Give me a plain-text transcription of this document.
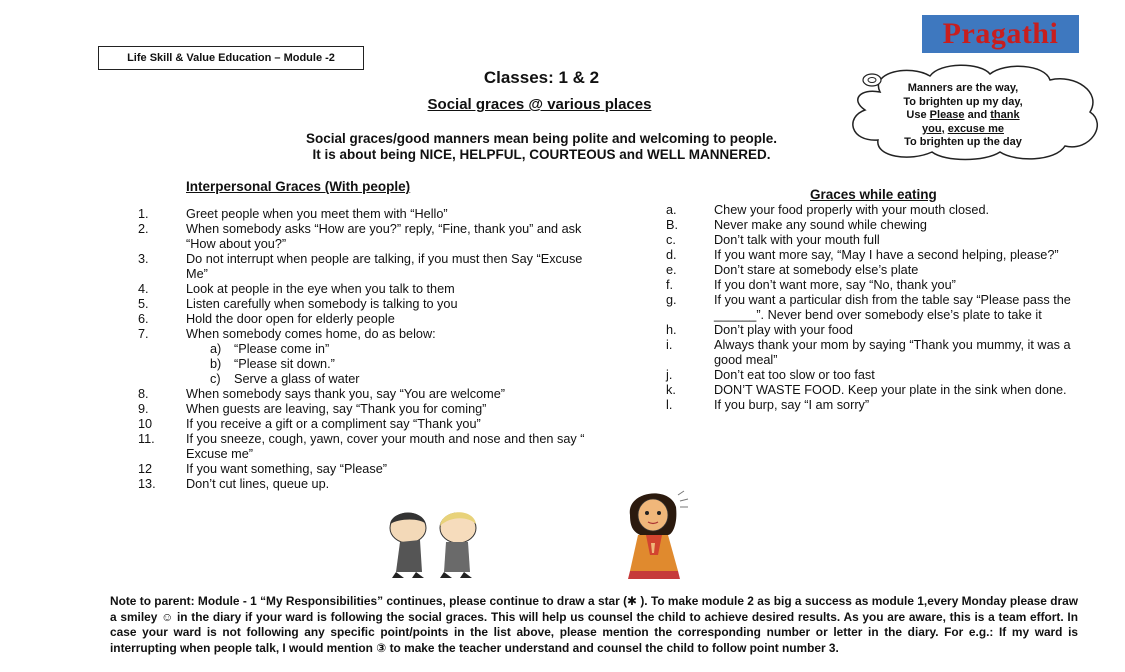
Life Skill & Value Education – Module -2
Pragathi
Classes: 1 & 2
Social graces @ various places
Social graces/good manners mean being polite and welcoming to people.
It is about being NICE, HELPFUL, COURTEOUS and WELL MANNERED.
Manners are the way,
To brighten up my day,
Use Please and thank
you, excuse me
To brighten up the day
Interpersonal Graces (With people)
1.	Greet people when you meet them with “Hello”
2.	When somebody asks “How are you?” reply, “Fine, thank you” and ask “How about you?”
3.	Do not interrupt when people are talking, if you must then Say “Excuse Me”
4.	Look at people in the eye when you talk to them
5.	Listen carefully when somebody is talking to you
6.	Hold the door open for elderly people
7.	When somebody comes home, do as below:
a)	“Please come in”
b)	“Please sit down.”
c)	Serve a glass of water
8.	When somebody says thank you, say “You are welcome”
9.	When guests are leaving, say “Thank you for coming”
10	If you receive a gift or a compliment say “Thank you”
11.	If you sneeze, cough, yawn, cover your mouth and nose and then say “ Excuse me”
12	If you want something, say “Please”
13.	Don’t cut lines, queue up.
Graces while eating
a.	Chew your food properly with your mouth closed.
B.	Never make any sound while chewing
c.	Don’t talk with your mouth full
d.	If you want more say, “May I have a second helping, please?”
e.	Don’t stare at somebody else’s plate
f.	If you don’t want more, say “No, thank you”
g.	If you want a particular dish from the table say “Please pass the ______”. Never bend over somebody else’s plate to take it
h.	Don’t play with your food
i.	Always thank your mom by saying “Thank you mummy, it was a good meal”
j.	Don’t eat too slow or too fast
k.	DON’T WASTE FOOD. Keep your plate in the sink when done.
l.	If you burp, say “I am sorry”
Note to parent: Module - 1 “My Responsibilities” continues, please continue to draw a star (✱ ). To make module 2 as big a success as module 1,every Monday please draw a smiley ☺ in the diary if your ward is following the social graces. This will help us counsel the child to achieve desired results. As you are aware, this is a team effort. In case your ward is not following any specific point/points in the list above, please mention the corresponding number or letter in the diary. For e.g.: If my ward is interrupting when people talk, I would mention ③ to make the teacher understand and counsel the child to follow point number 3.
